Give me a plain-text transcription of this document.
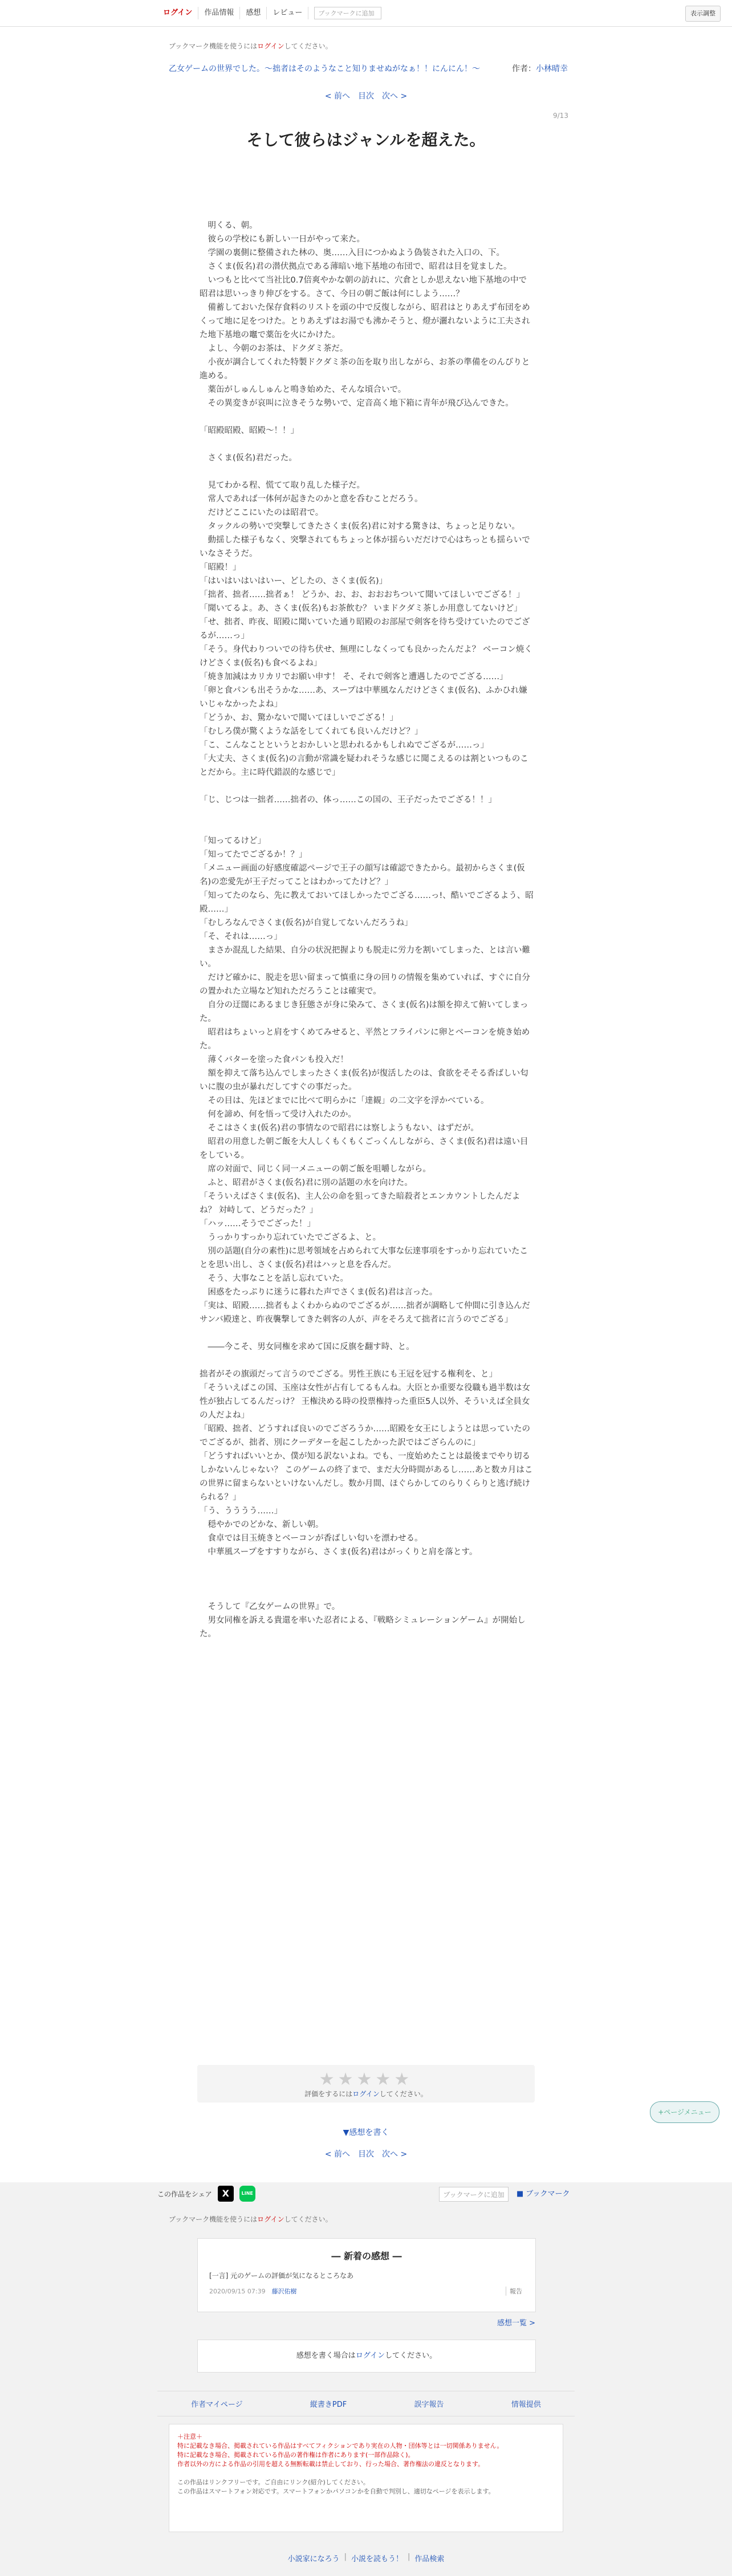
ログイン	作品情報	感想	レビュー	ブックマークに追加	表示調整
ブックマーク機能を使うにはログインしてください。
乙女ゲームの世界でした。～拙者はそのようなこと知りませぬがなぁ！！にんにん！～	作者：小林晴幸
< 前へ 目次 次へ >
9/13
そして彼らはジャンルを超えた。

　明くる、朝。

　彼らの学校にも新しい一日がやって来た。

　学園の裏側に整備された林の、奥……入目につかぬよう偽装された入口の、下。

　さくま(仮名)君の潜伏拠点である薄暗い地下基地の布団で、昭君は目を覚ました。

　いつもと比べて当社比0.7倍爽やかな朝の訪れに、穴倉としか思えない地下基地の中で昭君は思いっきり伸びをする。さて、今日の朝ご飯は何にしよう……？

　備蓄しておいた保存食料のリストを頭の中で反復しながら、昭君はとりあえず布団をめくって地に足をつけた。とりあえずはお湯でも沸かそうと、燈が灑れないように工夫された地下基地の竈で薬缶を火にかけた。

　よし、今朝のお茶は、ドクダミ茶だ。

　小夜が調合してくれた特製ドクダミ茶の缶を取り出しながら、お茶の準備をのんびりと進める。

　薬缶がしゅんしゅんと鳴き始めた、そんな頃合いで。

　その異変きが哀叫に泣きそうな勢いで、定音高く地下箱に青年が飛び込んできた。

「昭殿昭殿、昭殿～！！」

　さくま(仮名)君だった。

　見てわかる程、慌てて取り乱した様子だ。

　常人であれば一体何が起きたのかと意を呑むことだろう。

　だけどここにいたのは昭君で。

　タックルの勢いで突撃してきたさくま(仮名)君に対する驚きは、ちょっと足りない。

　動揺した様子もなく、突撃されてもちょっと体が揺らいだだけで心はちっとも揺らいでいなさそうだ。

「昭殿！」

「はいはいはいはいー、どしたの、さくま(仮名)」

「拙者、拙者……拙者ぁ！ どうか、お、お、おおおちついて聞いてほしいでござる！」

「聞いてるよ。あ、さくま(仮名)もお茶飲む？ いまドクダミ茶しか用意してないけど」

「せ、拙者、昨夜、昭殿に聞いていた通り昭殿のお部屋で剣客を待ち受けていたのでござるが……っ」

「そう。身代わりついでの待ち伏せ、無理にしなくっても良かったんだよ？ ベーコン焼くけどさくま(仮名)も食べるよね」

「焼き加減はカリカリでお願い申す！ そ、それで剣客と遭遇したのでござる……」

「卵と食パンも出そうかな……あ、スープは中華風なんだけどさくま(仮名)、ふかひれ嫌いじゃなかったよね」

「どうか、お、驚かないで聞いてほしいでござる！」

「むしろ僕が驚くような話をしてくれても良いんだけど？」

「こ、こんなことというとおかしいと思われるかもしれぬでござるが……っ」

「大丈夫、さくま(仮名)の言動が常識を疑われそうな感じに聞こえるのは割といつものことだから。主に時代錯誤的な感じで」

「じ、じつは一拙者……拙者の、体っ……この国の、王子だったでござる！！」

「知ってるけど」

「知ってたでござるか！？」

「メニュー画面の好感度確認ページで王子の顔写は確認できたから。最初からさくま(仮名)の恋愛先が王子だってことはわかってたけど？」

「知ってたのなら、先に教えておいてほしかったでござる……っ!、酷いでござるよう、昭殿……」

「むしろなんでさくま(仮名)が自覚してないんだろうね」

「そ、それは……っ」

　まさか混乱した結果、自分の状況把握よりも脱走に労力を割いてしまった、とは言い難い。

　だけど確かに、脱走を思い留まって慎重に身の回りの情報を集めていれば、すぐに自分の置かれた立場など知れただろうことは確実で。

　自分の迂闊にあるまじき狂態さが身に染みて、さくま(仮名)は額を抑えて俯いてしまった。

　昭君はちょいっと肩をすくめてみせると、平然とフライパンに卵とベーコンを焼き始めた。

　薄くバターを塗った食パンも投入だ！

　額を抑えて落ち込んでしまったさくま(仮名)が復活したのは、食欲をそそる香ばしい匂いに腹の虫が暴れだしてすぐの事だった。

　その目は、先ほどまでに比べて明らかに「達観」の二文字を浮かべている。

　何を諦め、何を悟って受け入れたのか。

　そこはさくま(仮名)君の事情なので昭君には察しようもない、はずだが。

　昭君の用意した朝ご飯を大人しくもくもくごっくんしながら、さくま(仮名)君は遠い目をしている。

　席の対面で、同じく同一メニューの朝ご飯を咀嚼しながら。

　ふと、昭君がさくま(仮名)君に別の話題の水を向けた。

「そういえばさくま(仮名)、主人公の命を狙ってきた暗殺者とエンカウントしたんだよね？ 対峙して、どうだった？」

「ハッ……そうでござった！」

　うっかりすっかり忘れていたでござるよ、と。

　別の話題(自分の素性)に思考領域を占められて大事な伝達事項をすっかり忘れていたことを思い出し、さくま(仮名)君はハッと息を呑んだ。

　そう、大事なことを話し忘れていた。

　困惑をたっぷりに迷うに暮れた声でさくま(仮名)君は言った。

「実は、昭殿……拙者もよくわからぬのでござるが……拙者が調略して仲間に引き込んだサンバ殿達と、昨夜襲撃してきた刺客の人が、声をそろえて拙者に言うのでござる」

　――今こそ、男女同権を求めて国に反旗を翻す時、と。

拙者がその旗頭だって言うのでござる。男性王族にも王冠を冠する権利を、と」

「そういえばこの国、玉座は女性が占有してるもんね。大臣とか重要な役職も過半数は女性が独占してるんだっけ？ 王権決める時の投票権持った重臣5人以外、そういえば全員女の人だよね」

「昭殿、拙者、どうすれば良いのでござろうか……昭殿を女王にしようとは思っていたのでござるが、拙者、別にクーデターを起こしたかった訳ではござらんのに」

「どうすればいいとか、僕が知る訳ないよね。でも、一度始めたことは最後までやり切るしかないんじゃない？ このゲームの終了まで、まだ大分時間があるし……あと数カ月はこの世界に留まらないといけないんだし。数か月間、ほぐらかしてのらりくらりと逃げ続けられる？」

「う、うううう……」

　穏やかでのどかな、新しい朝。

　食卓では目玉焼きとベーコンが香ばしい匂いを漂わせる。

　中華風スープをすすりながら、さくま(仮名)君はがっくりと肩を落とす。

　そうして『乙女ゲームの世界』で。

　男女同権を訴える貴還を率いた忍者による、『戦略シミュレーションゲーム』が開始した。

★★★★★
評価をするにはログインしてください。
+ページメニュー
▼感想を書く
< 前へ 目次 次へ >
この作品をシェア	X	LINE	ブックマークに追加	■ ブックマーク
ブックマーク機能を使うにはログインしてください。
― 新着の感想 ―
[一言] 元のゲームの評価が気になるところなあ
2020/09/15 07:39　 藤沢佑樹	報告
感想一覧 >
感想を書く場合はログインしてください。
作者マイページ	縦書きPDF	誤字報告	情報提供
＋注意＋
特に記載なき場合、掲載されている作品はすべてフィクションであり実在の人物・団体等とは一切関係ありません。
特に記載なき場合、掲載されている作品の著作権は作者にあります(一部作品除く)。
作者以外の方による作品の引用を超える無断転載は禁止しており、行った場合、著作権法の違反となります。
この作品はリンクフリーです。ご自由にリンク(紹介)してください。
この作品はスマートフォン対応です。スマートフォンかパソコンかを自動で判別し、適切なページを表示します。
小説家になろう | 小説を読もう！ | 作品検索
